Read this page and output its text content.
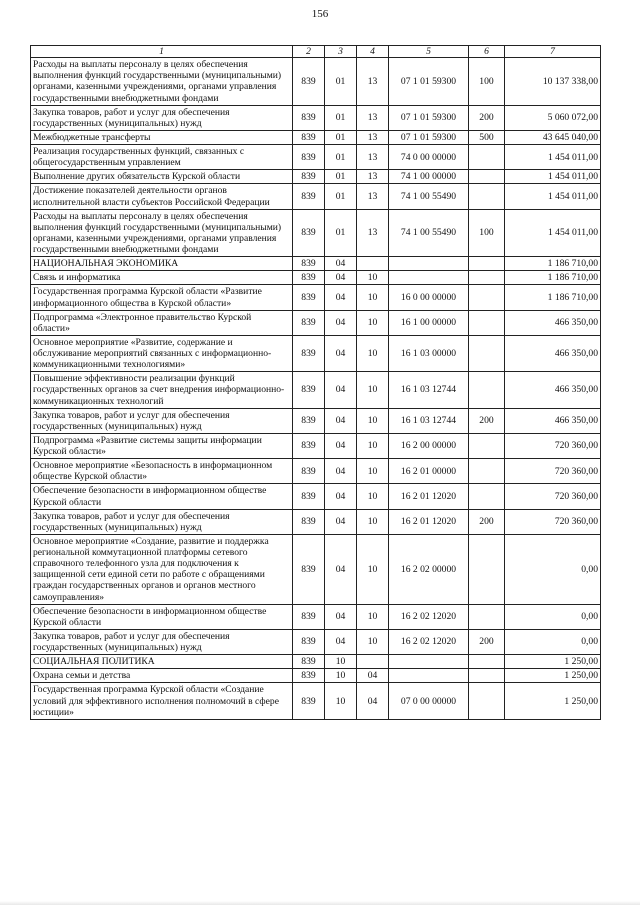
156
1	2	3	4	5	6	7
Расходы на выплаты персоналу в целях обеспечения выполнения функций государственными (муниципальными) органами, казенными учреждениями, органами управления государственными внебюджетными фондами	839	01	13	07 1 01 59300	100	10 137 338,00
Закупка товаров, работ и услуг для обеспечения государственных (муниципальных) нужд	839	01	13	07 1 01 59300	200	5 060 072,00
Межбюджетные трансферты	839	01	13	07 1 01 59300	500	43 645 040,00
Реализация государственных функций, связанных с общегосударственным управлением	839	01	13	74 0 00 00000		1 454 011,00
Выполнение других обязательств Курской области	839	01	13	74 1 00 00000		1 454 011,00
Достижение показателей деятельности органов исполнительной власти субъектов Российской Федерации	839	01	13	74 1 00 55490		1 454 011,00
Расходы на выплаты персоналу в целях обеспечения выполнения функций государственными (муниципальными) органами, казенными учреждениями, органами управления государственными внебюджетными фондами	839	01	13	74 1 00 55490	100	1 454 011,00
НАЦИОНАЛЬНАЯ ЭКОНОМИКА	839	04				1 186 710,00
Связь и информатика	839	04	10			1 186 710,00
Государственная программа Курской области «Развитие информационного общества в Курской области»	839	04	10	16 0 00 00000		1 186 710,00
Подпрограмма «Электронное правительство Курской области»	839	04	10	16 1 00 00000		466 350,00
Основное мероприятие «Развитие, содержание и обслуживание мероприятий связанных с информационно-коммуникационными технологиями»	839	04	10	16 1 03 00000		466 350,00
Повышение эффективности реализации функций государственных органов за счет внедрения информационно-коммуникационных технологий	839	04	10	16 1 03 12744		466 350,00
Закупка товаров, работ и услуг для обеспечения государственных (муниципальных) нужд	839	04	10	16 1 03 12744	200	466 350,00
Подпрограмма «Развитие системы защиты информации Курской области»	839	04	10	16 2 00 00000		720 360,00
Основное мероприятие «Безопасность в информационном обществе Курской области»	839	04	10	16 2 01 00000		720 360,00
Обеспечение безопасности в информационном обществе Курской области	839	04	10	16 2 01 12020		720 360,00
Закупка товаров, работ и услуг для обеспечения государственных (муниципальных) нужд	839	04	10	16 2 01 12020	200	720 360,00
Основное мероприятие «Создание, развитие и поддержка региональной коммутационной платформы сетевого справочного телефонного узла для подключения к защищенной сети единой сети по работе с обращениями граждан государственных органов и органов местного самоуправления»	839	04	10	16 2 02 00000		0,00
Обеспечение безопасности в информационном обществе Курской области	839	04	10	16 2 02 12020		0,00
Закупка товаров, работ и услуг для обеспечения государственных (муниципальных) нужд	839	04	10	16 2 02 12020	200	0,00
СОЦИАЛЬНАЯ ПОЛИТИКА	839	10				1 250,00
Охрана семьи и детства	839	10	04			1 250,00
Государственная программа Курской области «Создание условий для эффективного исполнения полномочий в сфере юстиции»	839	10	04	07 0 00 00000		1 250,00
